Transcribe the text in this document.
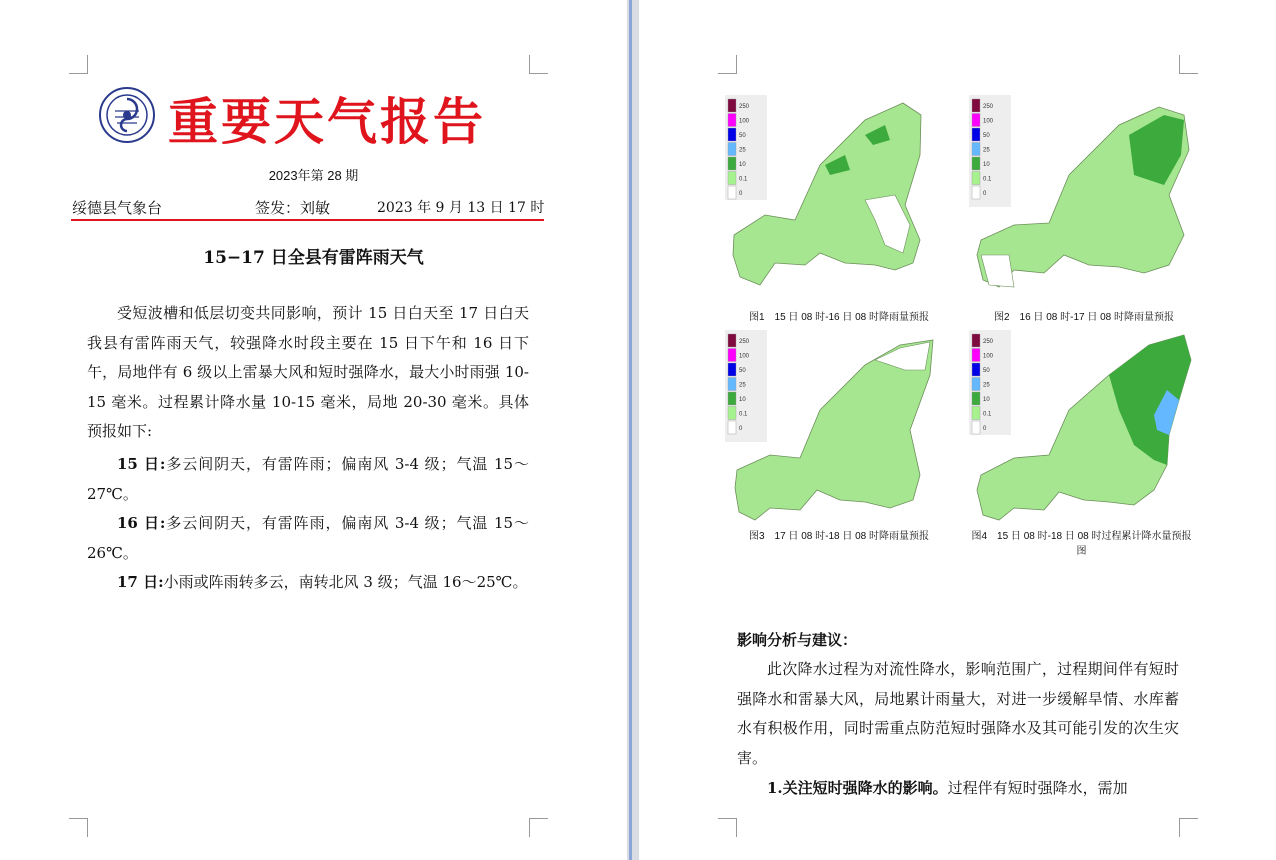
重要天气报告
2023年第 28 期
绥德县气象台	签发：刘敏	2023 年 9 月 13 日 17 时
15−17 日全县有雷阵雨天气
受短波槽和低层切变共同影响，预计 15 日白天至 17 日白天我县有雷阵雨天气，较强降水时段主要在 15 日下午和 16 日下午，局地伴有 6 级以上雷暴大风和短时强降水，最大小时雨强 10-15 毫米。过程累计降水量 10-15 毫米，局地 20-30 毫米。具体预报如下:
15 日:多云间阴天，有雷阵雨；偏南风 3-4 级；气温 15～27℃。
16 日:多云间阴天，有雷阵雨，偏南风 3-4 级；气温 15～26℃。
17 日:小雨或阵雨转多云，南转北风 3 级；气温 16～25℃。
250
100
50
25
10
0.1
0
图1　15 日 08 时-16 日 08 时降雨量预报
250
100
50
25
10
0.1
0
图2　16 日 08 时-17 日 08 时降雨量预报
250
100
50
25
10
0.1
0
图3　17 日 08 时-18 日 08 时降雨量预报
250
100
50
25
10
0.1
0
图4　15 日 08 时-18 日 08 时过程累计降水量预报图
影响分析与建议：
此次降水过程为对流性降水，影响范围广，过程期间伴有短时强降水和雷暴大风，局地累计雨量大，对进一步缓解旱情、水库蓄水有积极作用，同时需重点防范短时强降水及其可能引发的次生灾害。
1.关注短时强降水的影响。过程伴有短时强降水，需加
